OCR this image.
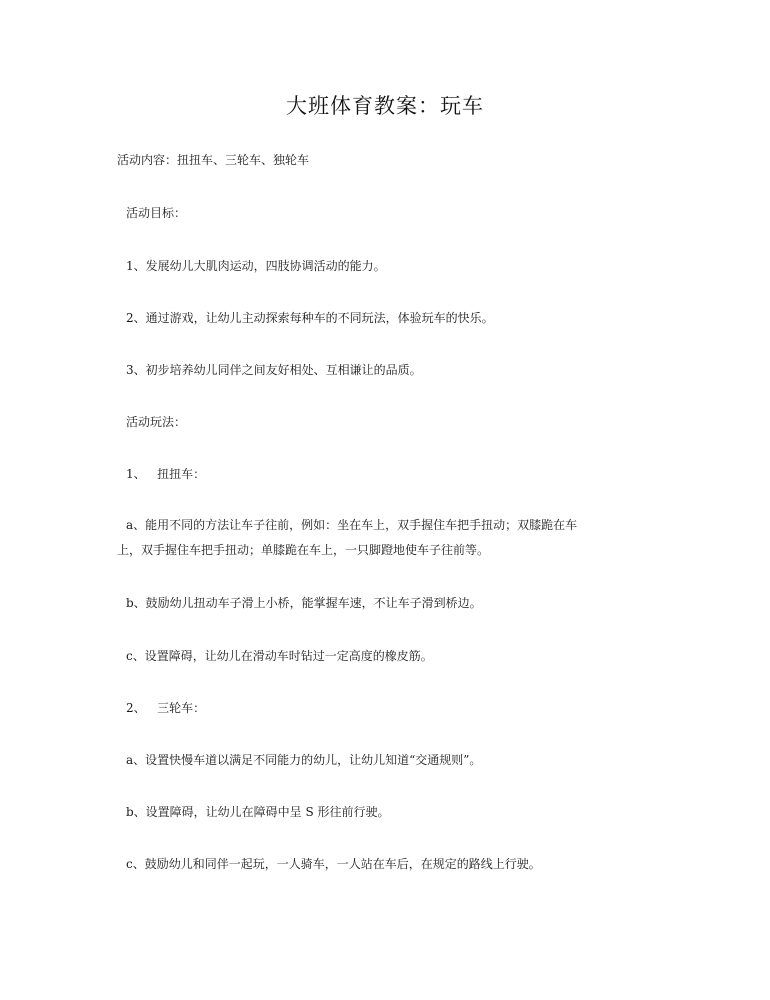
大班体育教案：玩车
活动内容：扭扭车、三轮车、独轮车
活动目标：
1、发展幼儿大肌肉运动，四肢协调活动的能力。
2、通过游戏，让幼儿主动探索每种车的不同玩法，体验玩车的快乐。
3、初步培养幼儿同伴之间友好相处、互相谦让的品质。
活动玩法：
1、   扭扭车：
a、能用不同的方法让车子往前，例如：坐在车上，双手握住车把手扭动；双膝跪在车
上，双手握住车把手扭动；单膝跪在车上，一只脚蹬地使车子往前等。
b、鼓励幼儿扭动车子滑上小桥，能掌握车速，不让车子滑到桥边。
c、设置障碍，让幼儿在滑动车时钻过一定高度的橡皮筋。
2、   三轮车：
a、设置快慢车道以满足不同能力的幼儿，让幼儿知道“交通规则”。
b、设置障碍，让幼儿在障碍中呈 S 形往前行驶。
c、鼓励幼儿和同伴一起玩，一人骑车，一人站在车后，在规定的路线上行驶。
